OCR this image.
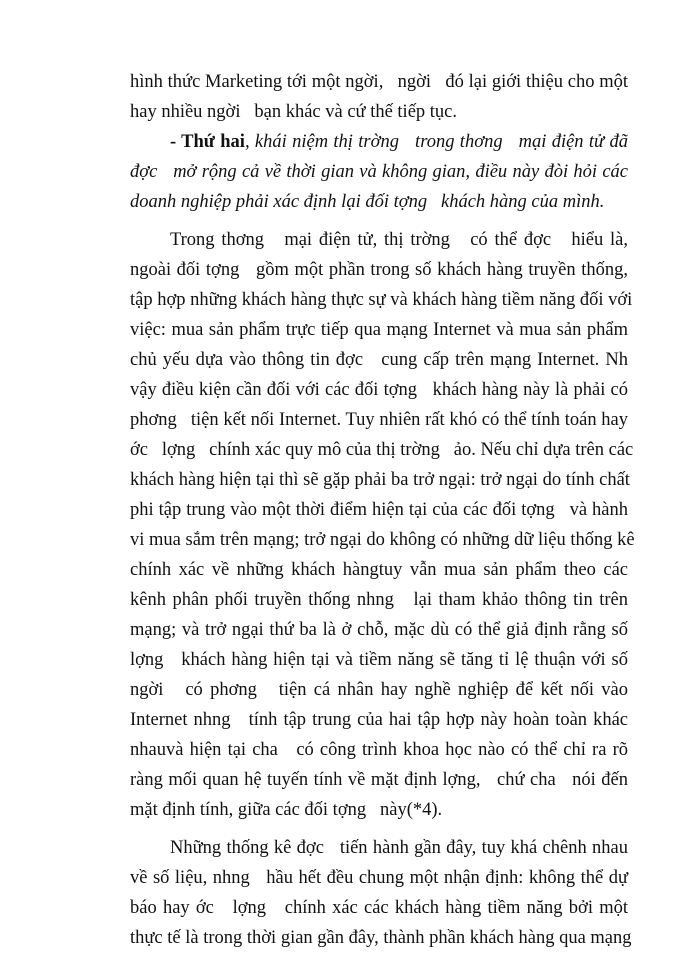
hình thức Marketing tới một ngời,   ngời   đó lại giới thiệu cho một
hay nhiều ngời   bạn khác và cứ thế tiếp tục.
- Thứ hai, khái niệm thị trờng   trong thơng   mại điện tử đã
đợc   mở rộng cả về thời gian và không gian, điều này đòi hỏi các
doanh nghiệp phải xác định lại đối tợng   khách hàng của mình.
Trong thơng   mại điện tử, thị trờng   có thể đợc   hiểu là,
ngoài đối tợng   gồm một phần trong số khách hàng truyền thống,
tập hợp những khách hàng thực sự và khách hàng tiềm năng đối với
việc: mua sản phẩm trực tiếp qua mạng Internet và mua sản phẩm
chủ yếu dựa vào thông tin đợc   cung cấp trên mạng Internet. Nh
vậy điều kiện cần đối với các đối tợng   khách hàng này là phải có
phơng   tiện kết nối Internet. Tuy nhiên rất khó có thể tính toán hay
ớc   lợng   chính xác quy mô của thị trờng   ảo. Nếu chỉ dựa trên các
khách hàng hiện tại thì sẽ gặp phải ba trở ngại: trở ngại do tính chất
phi tập trung vào một thời điểm hiện tại của các đối tợng   và hành
vi mua sắm trên mạng; trở ngại do không có những dữ liệu thống kê
chính xác về những khách hàngtuy vẫn mua sản phẩm theo các
kênh phân phối truyền thống nhng   lại tham khảo thông tin trên
mạng; và trở ngại thứ ba là ở chỗ, mặc dù có thể giả định rằng số
lợng   khách hàng hiện tại và tiềm năng sẽ tăng tỉ lệ thuận với số
ngời   có phơng   tiện cá nhân hay nghề nghiệp để kết nối vào
Internet nhng   tính tập trung của hai tập hợp này hoàn toàn khác
nhauvà hiện tại cha   có công trình khoa học nào có thể chỉ ra rõ
ràng mối quan hệ tuyến tính về mặt định lợng,   chứ cha   nói đến
mặt định tính, giữa các đối tợng   này(*4).
Những thống kê đợc   tiến hành gần đây, tuy khá chênh nhau
về số liệu, nhng   hầu hết đều chung một nhận định: không thể dự
báo hay ớc   lợng   chính xác các khách hàng tiềm năng bởi một
thực tế là trong thời gian gần đây, thành phần khách hàng qua mạng
